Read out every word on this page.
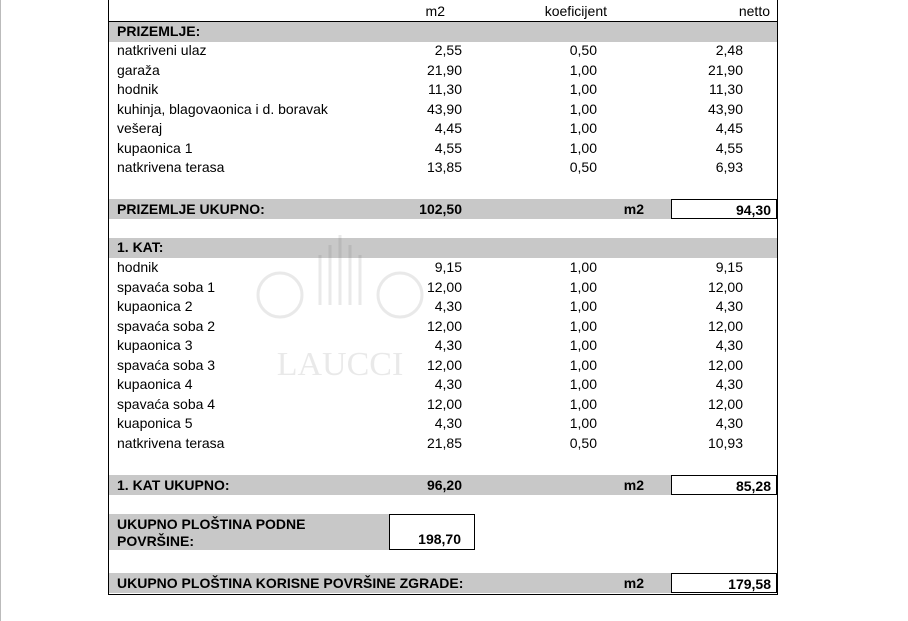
m2	koeficijent	netto
PRIZEMLJE:
natkriveni ulaz	2,55	0,50	2,48
garaža	21,90	1,00	21,90
hodnik	11,30	1,00	11,30
kuhinja, blagovaonica i d. boravak	43,90	1,00	43,90
vešeraj	4,45	1,00	4,45
kupaonica 1	4,55	1,00	4,55
natkrivena terasa	13,85	0,50	6,93
PRIZEMLJE UKUPNO:	102,50	m2	94,30
1. KAT:
hodnik	9,15	1,00	9,15
spavaća soba 1	12,00	1,00	12,00
kupaonica 2	4,30	1,00	4,30
spavaća soba 2	12,00	1,00	12,00
kupaonica 3	4,30	1,00	4,30
spavaća soba 3	12,00	1,00	12,00
kupaonica 4	4,30	1,00	4,30
spavaća soba 4	12,00	1,00	12,00
kuaponica 5	4,30	1,00	4,30
natkrivena terasa	21,85	0,50	10,93
1. KAT UKUPNO:	96,20	m2	85,28
UKUPNO PLOŠTINA PODNE POVRŠINE:	198,70
UKUPNO PLOŠTINA KORISNE POVRŠINE ZGRADE:	m2	179,58
LAUCCI
